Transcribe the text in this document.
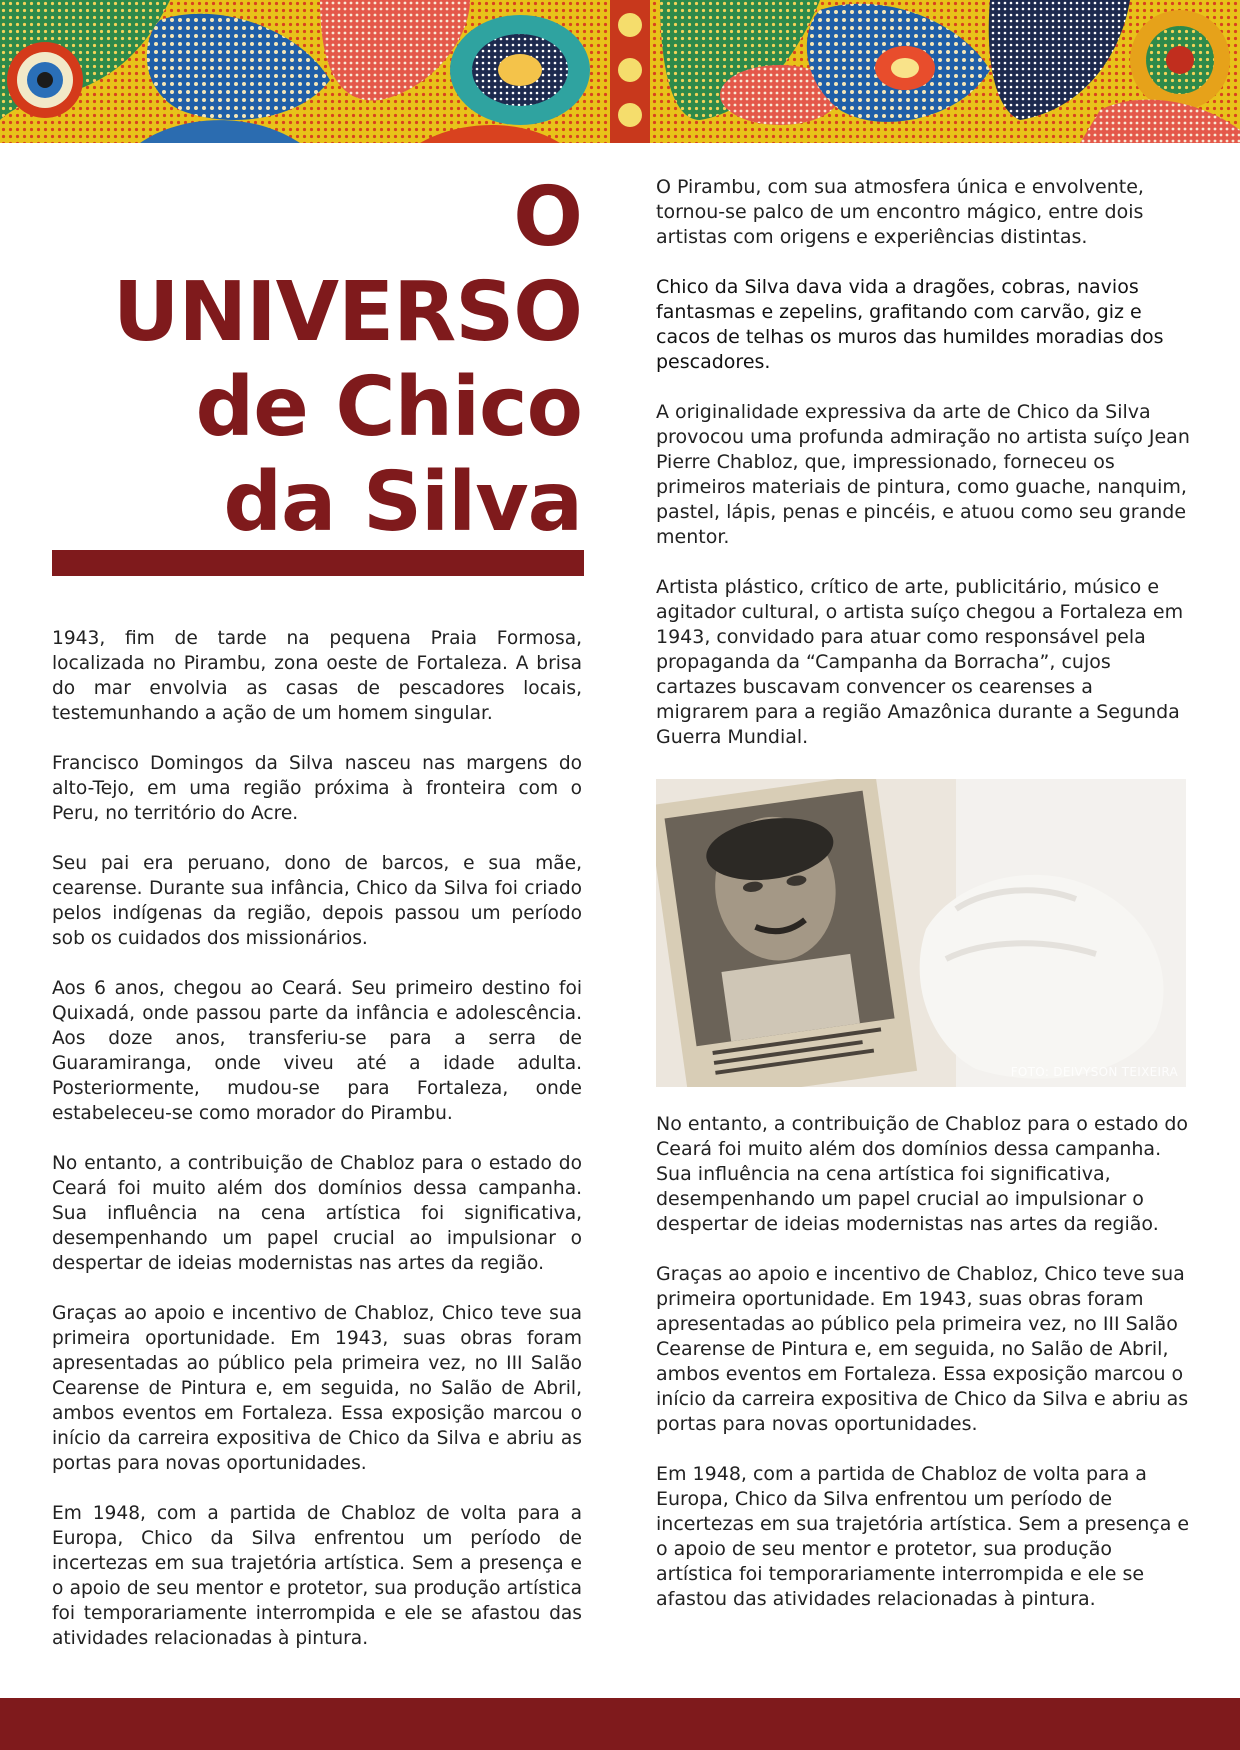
O UNIVERSO
de Chico
da Silva

1943, fim de tarde na pequena Praia Formosa, localizada no Pirambu, zona oeste de Fortaleza. A brisa do mar envolvia as casas de pescadores locais, testemunhando a ação de um homem singular.

Francisco Domingos da Silva nasceu nas margens do alto-Tejo, em uma região próxima à fronteira com o Peru, no território do Acre.

Seu pai era peruano, dono de barcos, e sua mãe, cearense. Durante sua infância, Chico da Silva foi criado pelos indígenas da região, depois passou um período sob os cuidados dos missionários.

Aos 6 anos, chegou ao Ceará. Seu primeiro destino foi Quixadá, onde passou parte da infância e adolescência. Aos doze anos, transferiu-se para a serra de Guaramiranga, onde viveu até a idade adulta. Posteriormente, mudou-se para Fortaleza, onde estabeleceu-se como morador do Pirambu.

No entanto, a contribuição de Chabloz para o estado do Ceará foi muito além dos domínios dessa campanha. Sua influência na cena artística foi significativa, desempenhando um papel crucial ao impulsionar o despertar de ideias modernistas nas artes da região.

Graças ao apoio e incentivo de Chabloz, Chico teve sua primeira oportunidade. Em 1943, suas obras foram apresentadas ao público pela primeira vez, no III Salão Cearense de Pintura e, em seguida, no Salão de Abril, ambos eventos em Fortaleza. Essa exposição marcou o início da carreira expositiva de Chico da Silva e abriu as portas para novas oportunidades.

Em 1948, com a partida de Chabloz de volta para a Europa, Chico da Silva enfrentou um período de incertezas em sua trajetória artística. Sem a presença e o apoio de seu mentor e protetor, sua produção artística foi temporariamente interrompida e ele se afastou das atividades relacionadas à pintura.

O Pirambu, com sua atmosfera única e envolvente, tornou-se palco de um encontro mágico, entre dois artistas com origens e experiências distintas.

Chico da Silva dava vida a dragões, cobras, navios fantasmas e zepelins, grafitando com carvão, giz e cacos de telhas os muros das humildes moradias dos pescadores.

A originalidade expressiva da arte de Chico da Silva provocou uma profunda admiração no artista suíço Jean Pierre Chabloz, que, impressionado, forneceu os primeiros materiais de pintura, como guache, nanquim, pastel, lápis, penas e pincéis, e atuou como seu grande mentor.

Artista plástico, crítico de arte, publicitário, músico e agitador cultural, o artista suíço chegou a Fortaleza em 1943, convidado para atuar como responsável pela propaganda da “Campanha da Borracha”, cujos cartazes buscavam convencer os cearenses a migrarem para a região Amazônica durante a Segunda Guerra Mundial.

FOTO: DEIVYSON TEIXEIRA

No entanto, a contribuição de Chabloz para o estado do Ceará foi muito além dos domínios dessa campanha. Sua influência na cena artística foi significativa, desempenhando um papel crucial ao impulsionar o despertar de ideias modernistas nas artes da região.

Graças ao apoio e incentivo de Chabloz, Chico teve sua primeira oportunidade. Em 1943, suas obras foram apresentadas ao público pela primeira vez, no III Salão Cearense de Pintura e, em seguida, no Salão de Abril, ambos eventos em Fortaleza. Essa exposição marcou o início da carreira expositiva de Chico da Silva e abriu as portas para novas oportunidades.

Em 1948, com a partida de Chabloz de volta para a Europa, Chico da Silva enfrentou um período de incertezas em sua trajetória artística. Sem a presença e o apoio de seu mentor e protetor, sua produção artística foi temporariamente interrompida e ele se afastou das atividades relacionadas à pintura.
